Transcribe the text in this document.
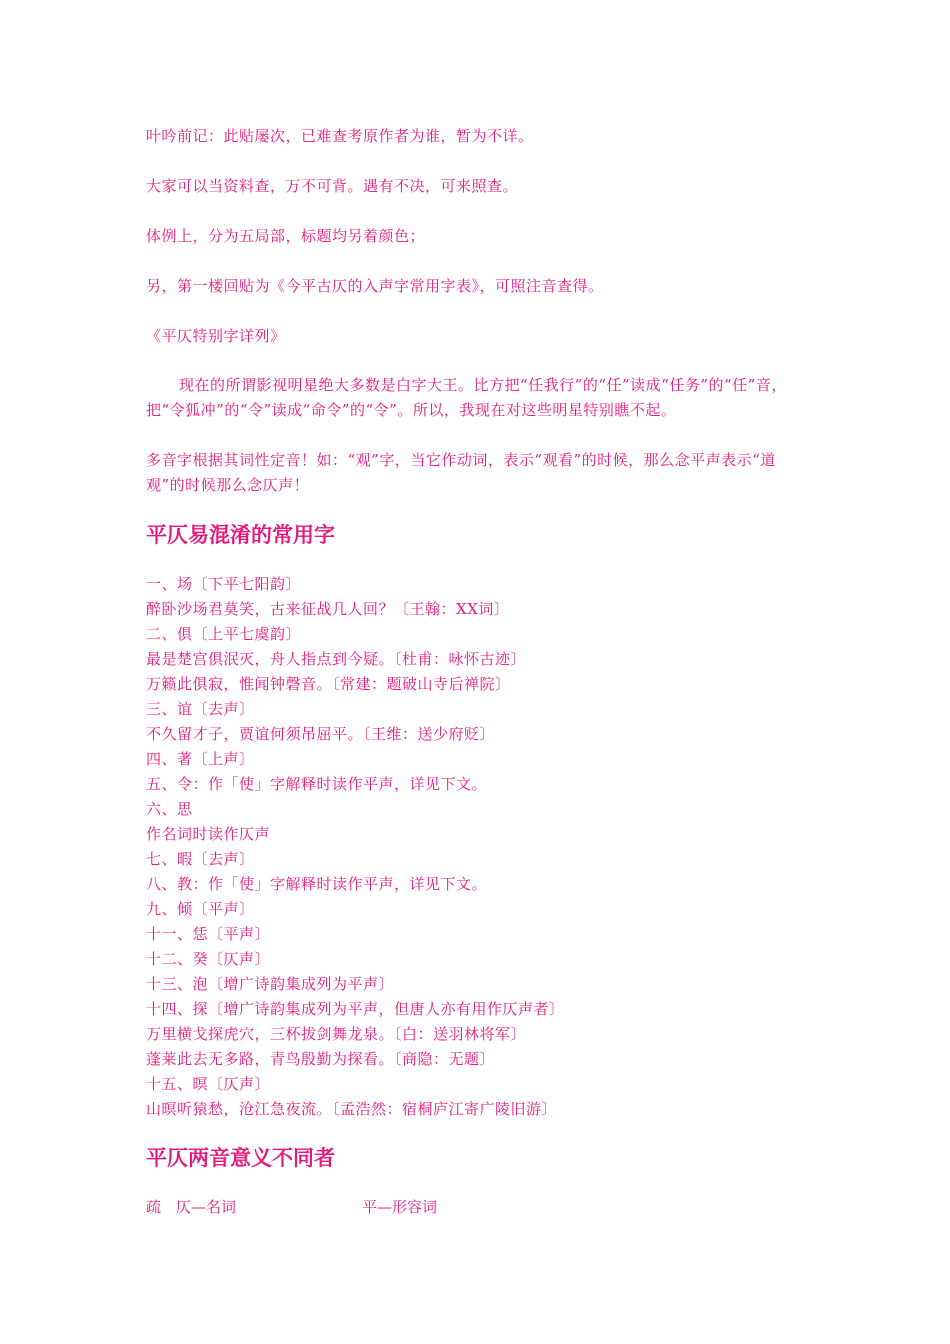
叶吟前记：此贴屡次，已难查考原作者为谁，暂为不详。
大家可以当资料查，万不可背。遇有不决，可来照查。
体例上，分为五局部，标题均另着颜色；
另，第一楼回贴为《今平古仄的入声字常用字表》，可照注音查得。
《平仄特别字详列》
现在的所谓影视明星绝大多数是白字大王。比方把“任我行”的“任”读成“任务”的“任”音，把“令狐冲”的“令”读成“命令”的“令”。所以，我现在对这些明星特别瞧不起。
多音字根据其词性定音！如：“观”字，当它作动词，表示“观看”的时候，那么念平声表示“道观”的时候那么念仄声！
平仄易混淆的常用字
一、场〔下平七阳韵〕
醉卧沙场君莫笑，古来征战几人回？〔王翰：XX词〕
二、俱〔上平七虞韵〕
最是楚宫俱泯灭，舟人指点到今疑。〔杜甫：咏怀古迹〕
万籁此俱寂，惟闻钟磬音。〔常建：题破山寺后禅院〕
三、谊〔去声〕
不久留才子，贾谊何须吊屈平。〔王维：送少府贬〕
四、著〔上声〕
五、令：作「使」字解释时读作平声，详见下文。
六、思
作名词时读作仄声
七、暇〔去声〕
八、教：作「使」字解释时读作平声，详见下文。
九、倾〔平声〕
十一、恁〔平声〕
十二、癸〔仄声〕
十三、泡〔增广诗韵集成列为平声〕
十四、探〔增广诗韵集成列为平声，但唐人亦有用作仄声者〕
万里横戈探虎穴，三杯拔剑舞龙泉。〔白：送羽林将军〕
蓬莱此去无多路，青鸟殷勤为探看。〔商隐：无题〕
十五、暝〔仄声〕
山暝听猿愁，沧江急夜流。〔孟浩然：宿桐庐江寄广陵旧游〕
平仄两音意义不同者
疏 仄—名词	平—形容词
